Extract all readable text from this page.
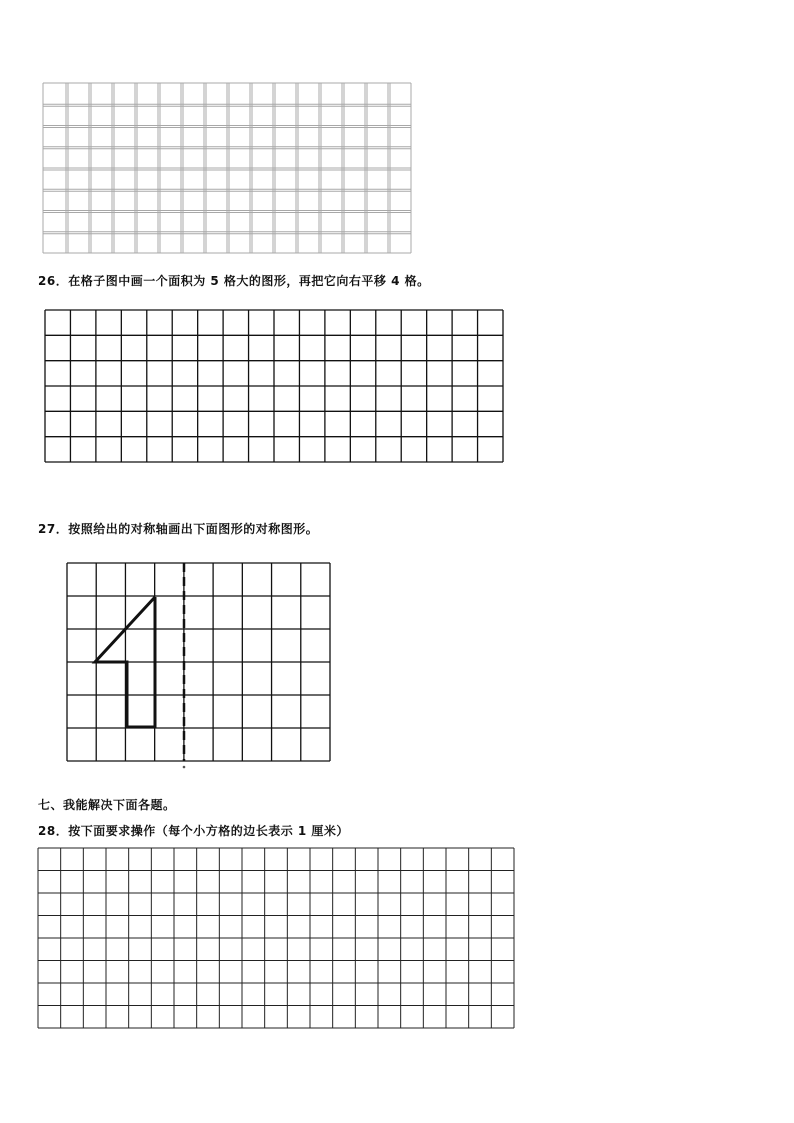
26．在格子图中画一个面积为 5 格大的图形，再把它向右平移 4 格。
27．按照给出的对称轴画出下面图形的对称图形。
七、我能解决下面各题。
28．按下面要求操作（每个小方格的边长表示 1 厘米）
